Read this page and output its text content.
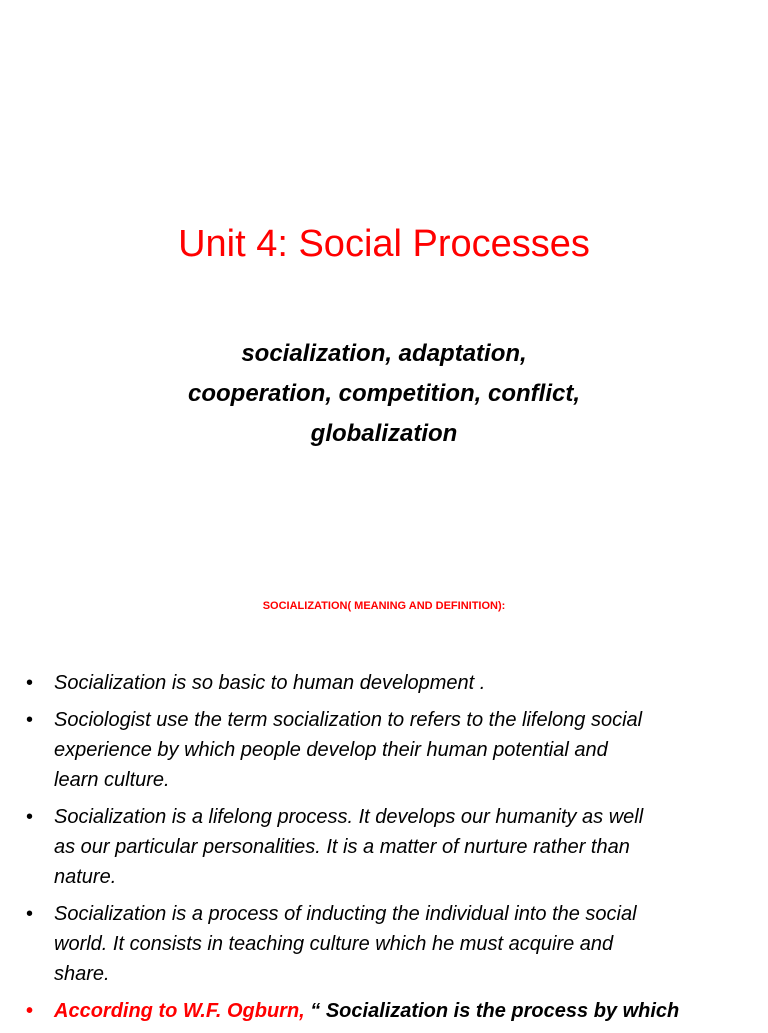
Unit 4: Social Processes
socialization, adaptation,
cooperation, competition, conflict,
globalization
SOCIALIZATION( MEANING AND DEFINITION):
• Socialization is so basic to human development .
• Sociologist use the term socialization to refers to the lifelong social
experience by which people develop their human potential and
learn culture.
• Socialization is a lifelong process. It develops our humanity as well
as our particular personalities. It is a matter of nurture rather than
nature.
• Socialization is a process of inducting the individual into the social
world. It consists in teaching culture which he must acquire and
share.
• According to W.F. Ogburn, “ Socialization is the process by which
